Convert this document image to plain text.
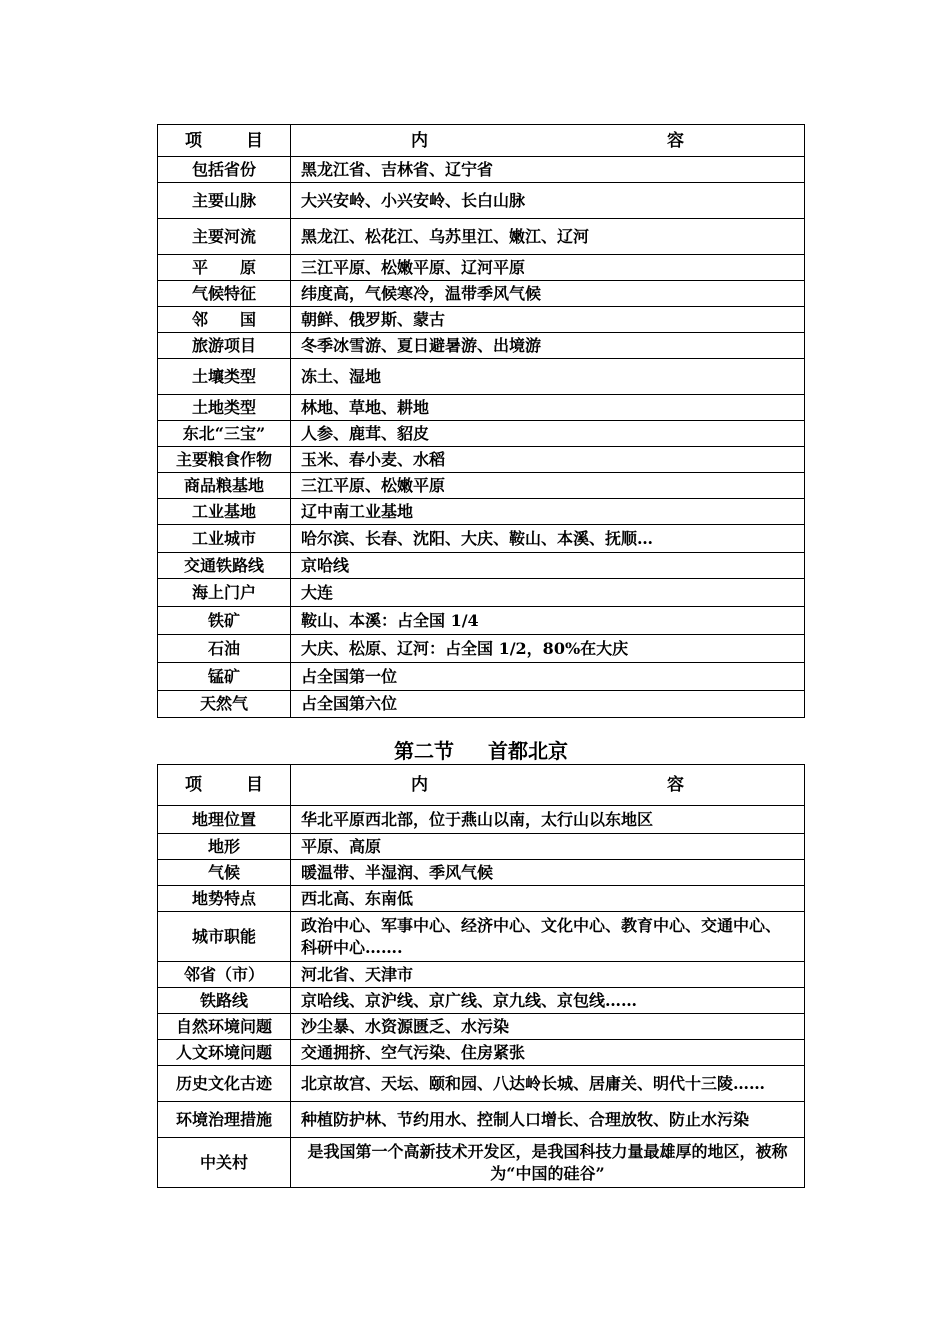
项 目	内 容

包括省份	黑龙江省、吉林省、辽宁省
主要山脉	大兴安岭、小兴安岭、长白山脉
主要河流	黑龙江、松花江、乌苏里江、嫩江、辽河
平　　原	三江平原、松嫩平原、辽河平原
气候特征	纬度高，气候寒冷，温带季风气候
邻　　国	朝鲜、俄罗斯、蒙古
旅游项目	冬季冰雪游、夏日避暑游、出境游
土壤类型	冻土、湿地
土地类型	林地、草地、耕地
东北“三宝”	人参、鹿茸、貂皮
主要粮食作物	玉米、春小麦、水稻
商品粮基地	三江平原、松嫩平原
工业基地	辽中南工业基地
工业城市	哈尔滨、长春、沈阳、大庆、鞍山、本溪、抚顺…
交通铁路线	京哈线
海上门户	大连
铁矿	鞍山、本溪：占全国 1/4
石油	大庆、松原、辽河：占全国 1/2，80%在大庆
锰矿	占全国第一位
天然气	占全国第六位
第二节 首都北京
项 目	内 容

地理位置	华北平原西北部，位于燕山以南，太行山以东地区
地形	平原、高原
气候	暖温带、半湿润、季风气候
地势特点	西北高、东南低
城市职能	政治中心、军事中心、经济中心、文化中心、教育中心、交通中心、科研中心…….
邻省（市）	河北省、天津市
铁路线	京哈线、京沪线、京广线、京九线、京包线……
自然环境问题	沙尘暴、水资源匮乏、水污染
人文环境问题	交通拥挤、空气污染、住房紧张
历史文化古迹	北京故宫、天坛、颐和园、八达岭长城、居庸关、明代十三陵……
环境治理措施	种植防护林、节约用水、控制人口增长、合理放牧、防止水污染
中关村	是我国第一个高新技术开发区，是我国科技力量最雄厚的地区，被称为“中国的硅谷”
